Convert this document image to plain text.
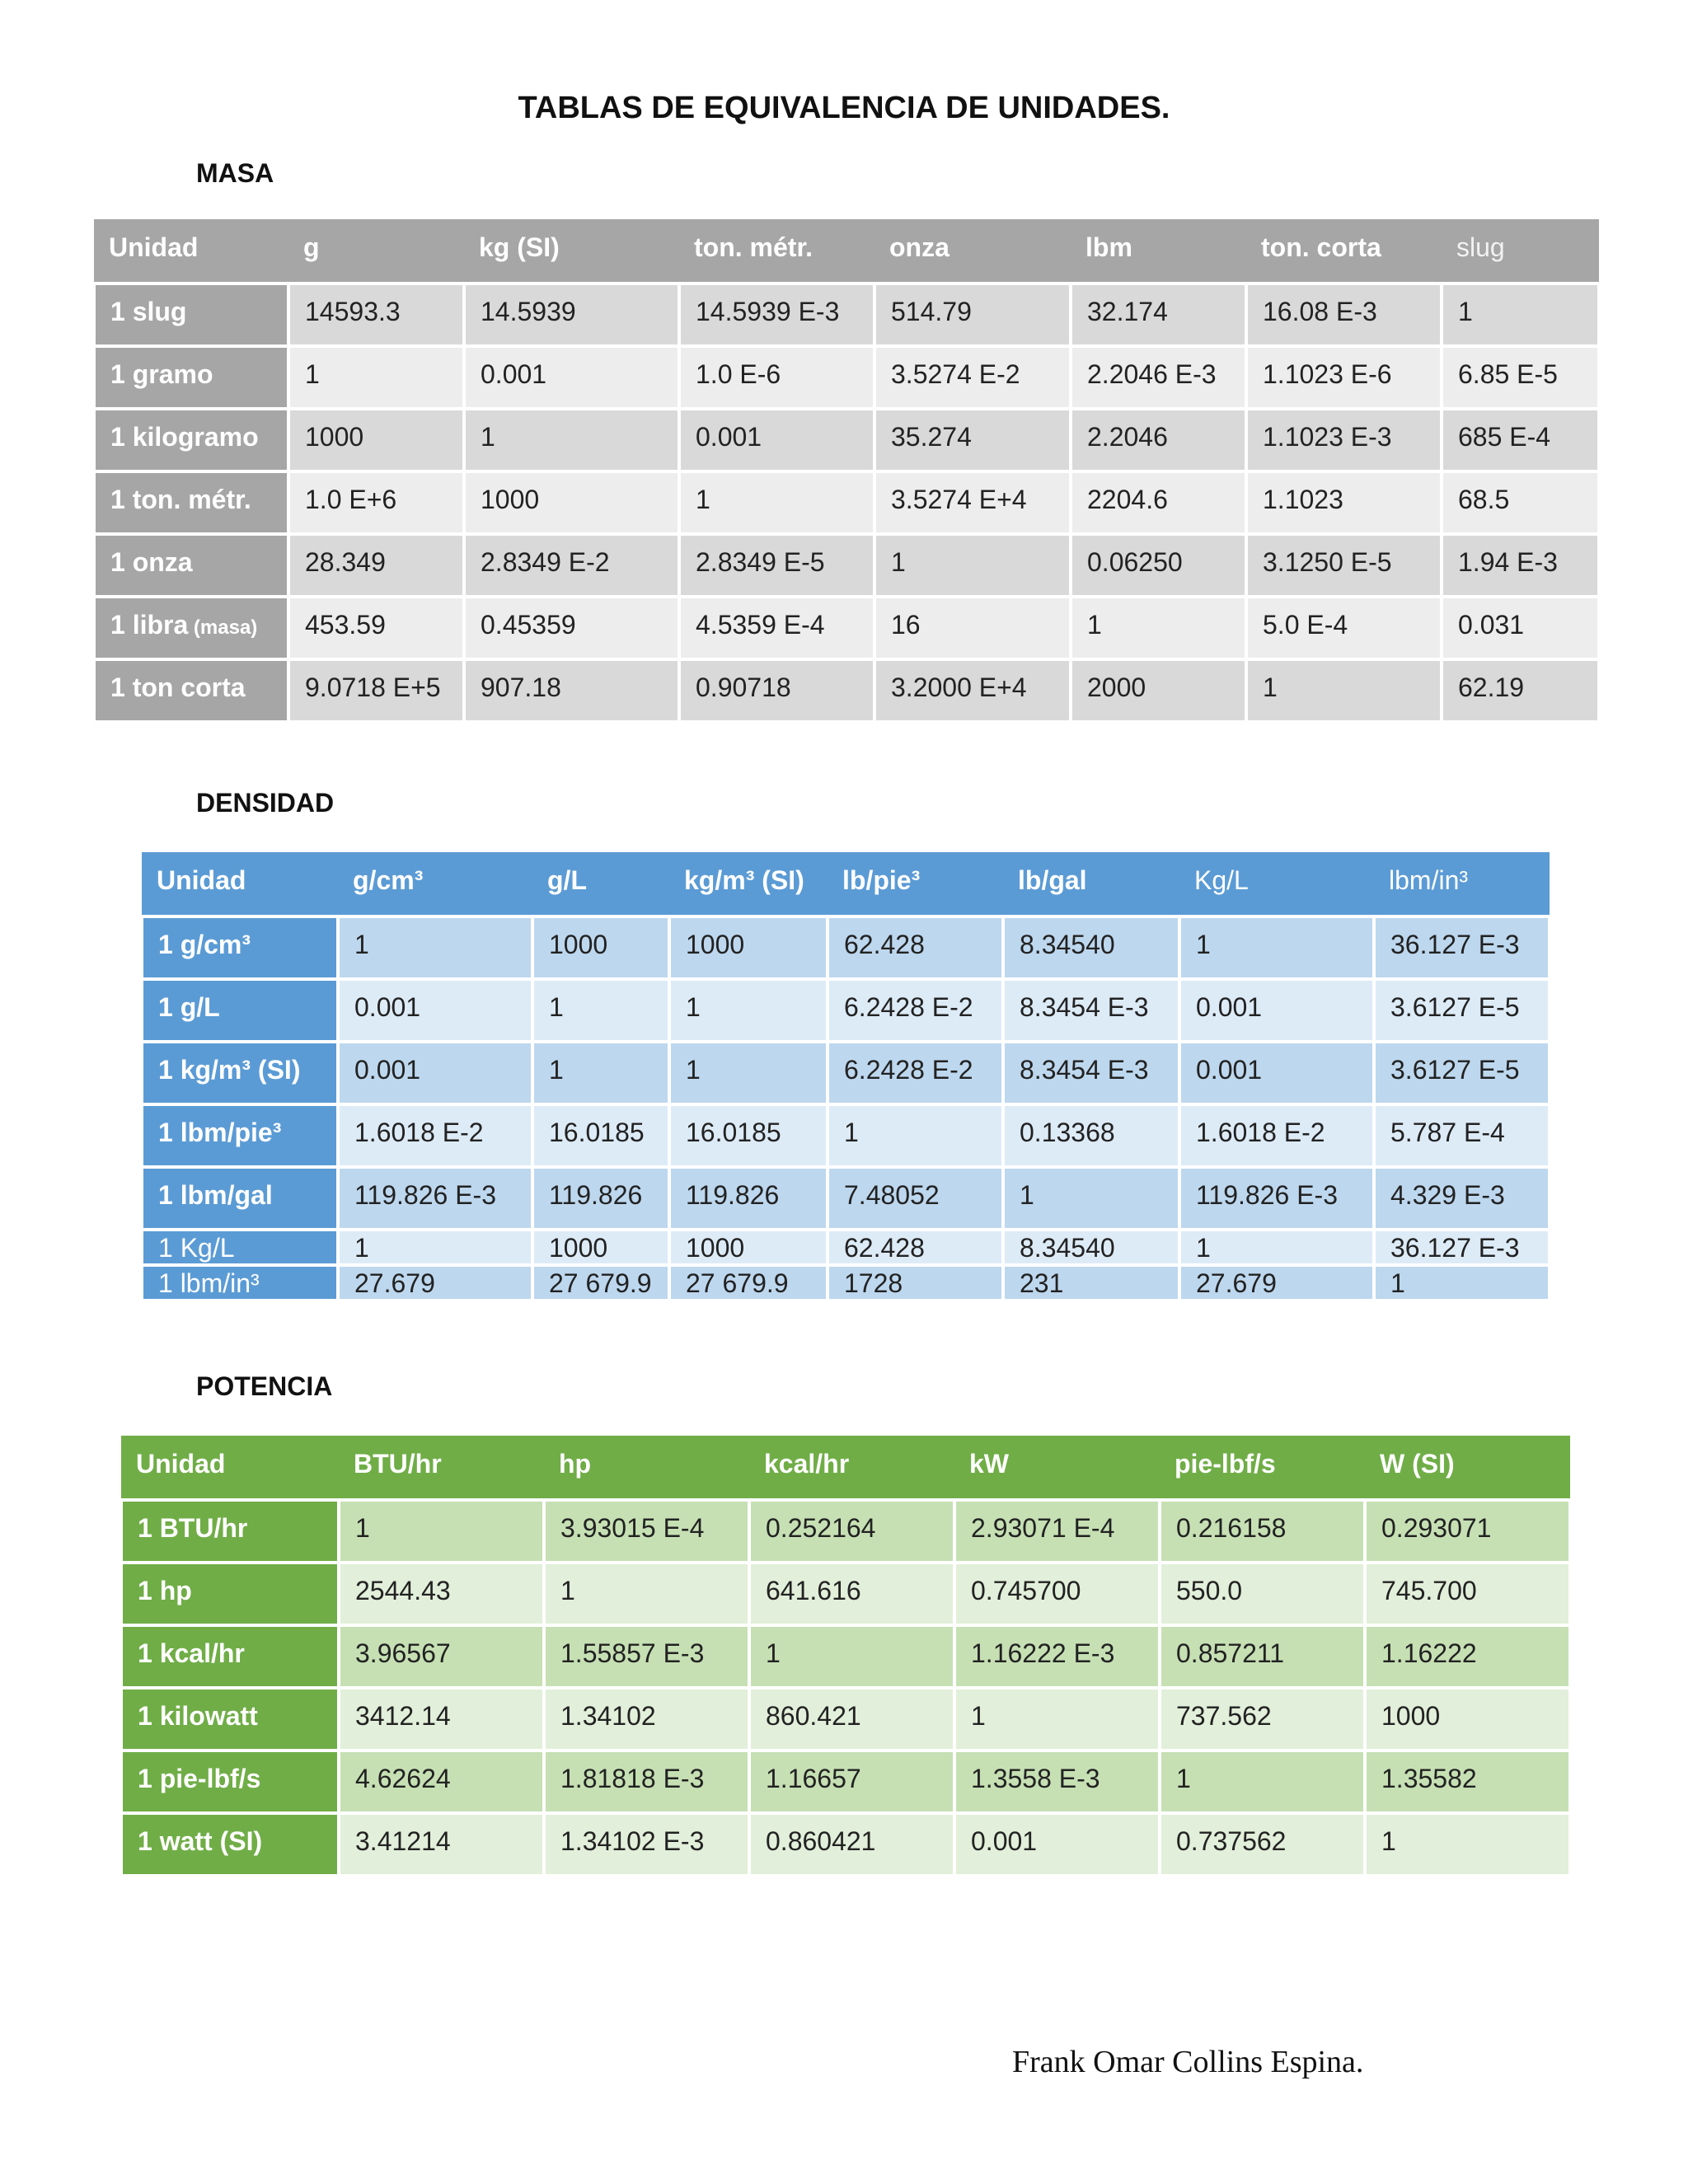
TABLAS DE EQUIVALENCIA DE UNIDADES.
MASA
Unidad	g	kg (SI)	ton. métr.	onza	lbm	ton. corta	slug
1 slug	14593.3	14.5939	14.5939 E-3	514.79	32.174	16.08 E-3	1
1 gramo	1	0.001	1.0 E-6	3.5274 E-2	2.2046 E-3	1.1023 E-6	6.85 E-5
1 kilogramo	1000	1	0.001	35.274	2.2046	1.1023 E-3	685 E-4
1 ton. métr.	1.0 E+6	1000	1	3.5274 E+4	2204.6	1.1023	68.5
1 onza	28.349	2.8349 E-2	2.8349 E-5	1	0.06250	3.1250 E-5	1.94 E-3
1 libra (masa)	453.59	0.45359	4.5359 E-4	16	1	5.0 E-4	0.031
1 ton corta	9.0718 E+5	907.18	0.90718	3.2000 E+4	2000	1	62.19
DENSIDAD
Unidad	g/cm³	g/L	kg/m³ (SI)	lb/pie³	lb/gal	Kg/L	lbm/in³
1 g/cm³	1	1000	1000	62.428	8.34540	1	36.127 E-3
1 g/L	0.001	1	1	6.2428 E-2	8.3454 E-3	0.001	3.6127 E-5
1 kg/m³ (SI)	0.001	1	1	6.2428 E-2	8.3454 E-3	0.001	3.6127 E-5
1 lbm/pie³	1.6018 E-2	16.0185	16.0185	1	0.13368	1.6018 E-2	5.787 E-4
1 lbm/gal	119.826 E-3	119.826	119.826	7.48052	1	119.826 E-3	4.329 E-3
1 Kg/L	1	1000	1000	62.428	8.34540	1	36.127 E-3
1 lbm/in³	27.679	27 679.9	27 679.9	1728	231	27.679	1
POTENCIA
Unidad	BTU/hr	hp	kcal/hr	kW	pie-lbf/s	W (SI)
1 BTU/hr	1	3.93015 E-4	0.252164	2.93071 E-4	0.216158	0.293071
1 hp	2544.43	1	641.616	0.745700	550.0	745.700
1 kcal/hr	3.96567	1.55857 E-3	1	1.16222 E-3	0.857211	1.16222
1 kilowatt	3412.14	1.34102	860.421	1	737.562	1000
1 pie-lbf/s	4.62624	1.81818 E-3	1.16657	1.3558 E-3	1	1.35582
1 watt (SI)	3.41214	1.34102 E-3	0.860421	0.001	0.737562	1
Frank Omar Collins Espina.
